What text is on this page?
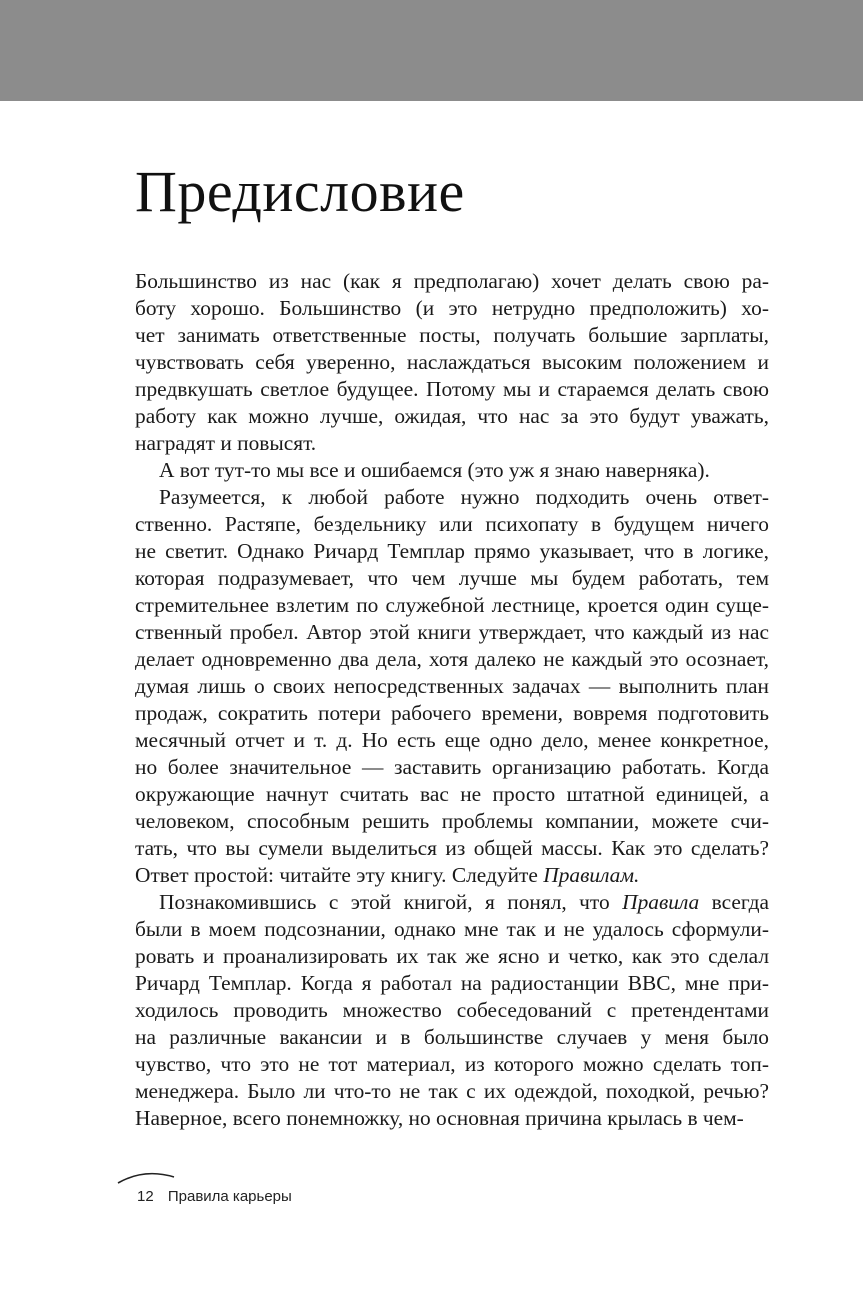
Предисловие
Большинство из нас (как я предполагаю) хочет делать свою ра-
боту хорошо. Большинство (и это нетрудно предположить) хо-
чет занимать ответственные посты, получать большие зарплаты,
чувствовать себя уверенно, наслаждаться высоким положением и
предвкушать светлое будущее. Потому мы и стараемся делать свою
работу как можно лучше, ожидая, что нас за это будут уважать,
наградят и повысят.
А вот тут-то мы все и ошибаемся (это уж я знаю наверняка).
Разумеется, к любой работе нужно подходить очень ответ-
ственно. Растяпе, бездельнику или психопату в будущем ничего
не светит. Однако Ричард Темплар прямо указывает, что в логике,
которая подразумевает, что чем лучше мы будем работать, тем
стремительнее взлетим по служебной лестнице, кроется один суще-
ственный пробел. Автор этой книги утверждает, что каждый из нас
делает одновременно два дела, хотя далеко не каждый это осознает,
думая лишь о своих непосредственных задачах — выполнить план
продаж, сократить потери рабочего времени, вовремя подготовить
месячный отчет и т. д. Но есть еще одно дело, менее конкретное,
но более значительное — заставить организацию работать. Когда
окружающие начнут считать вас не просто штатной единицей, а
человеком, способным решить проблемы компании, можете счи-
тать, что вы сумели выделиться из общей массы. Как это сделать?
Ответ простой: читайте эту книгу. Следуйте Правилам.
Познакомившись с этой книгой, я понял, что Правила всегда
были в моем подсознании, однако мне так и не удалось сформули-
ровать и проанализировать их так же ясно и четко, как это сделал
Ричард Темплар. Когда я работал на радиостанции BBC, мне при-
ходилось проводить множество собеседований с претендентами
на различные вакансии и в большинстве случаев у меня было
чувство, что это не тот материал, из которого можно сделать топ-
менеджера. Было ли что-то не так с их одеждой, походкой, речью?
Наверное, всего понемножку, но основная причина крылась в чем-
12 Правила карьеры
